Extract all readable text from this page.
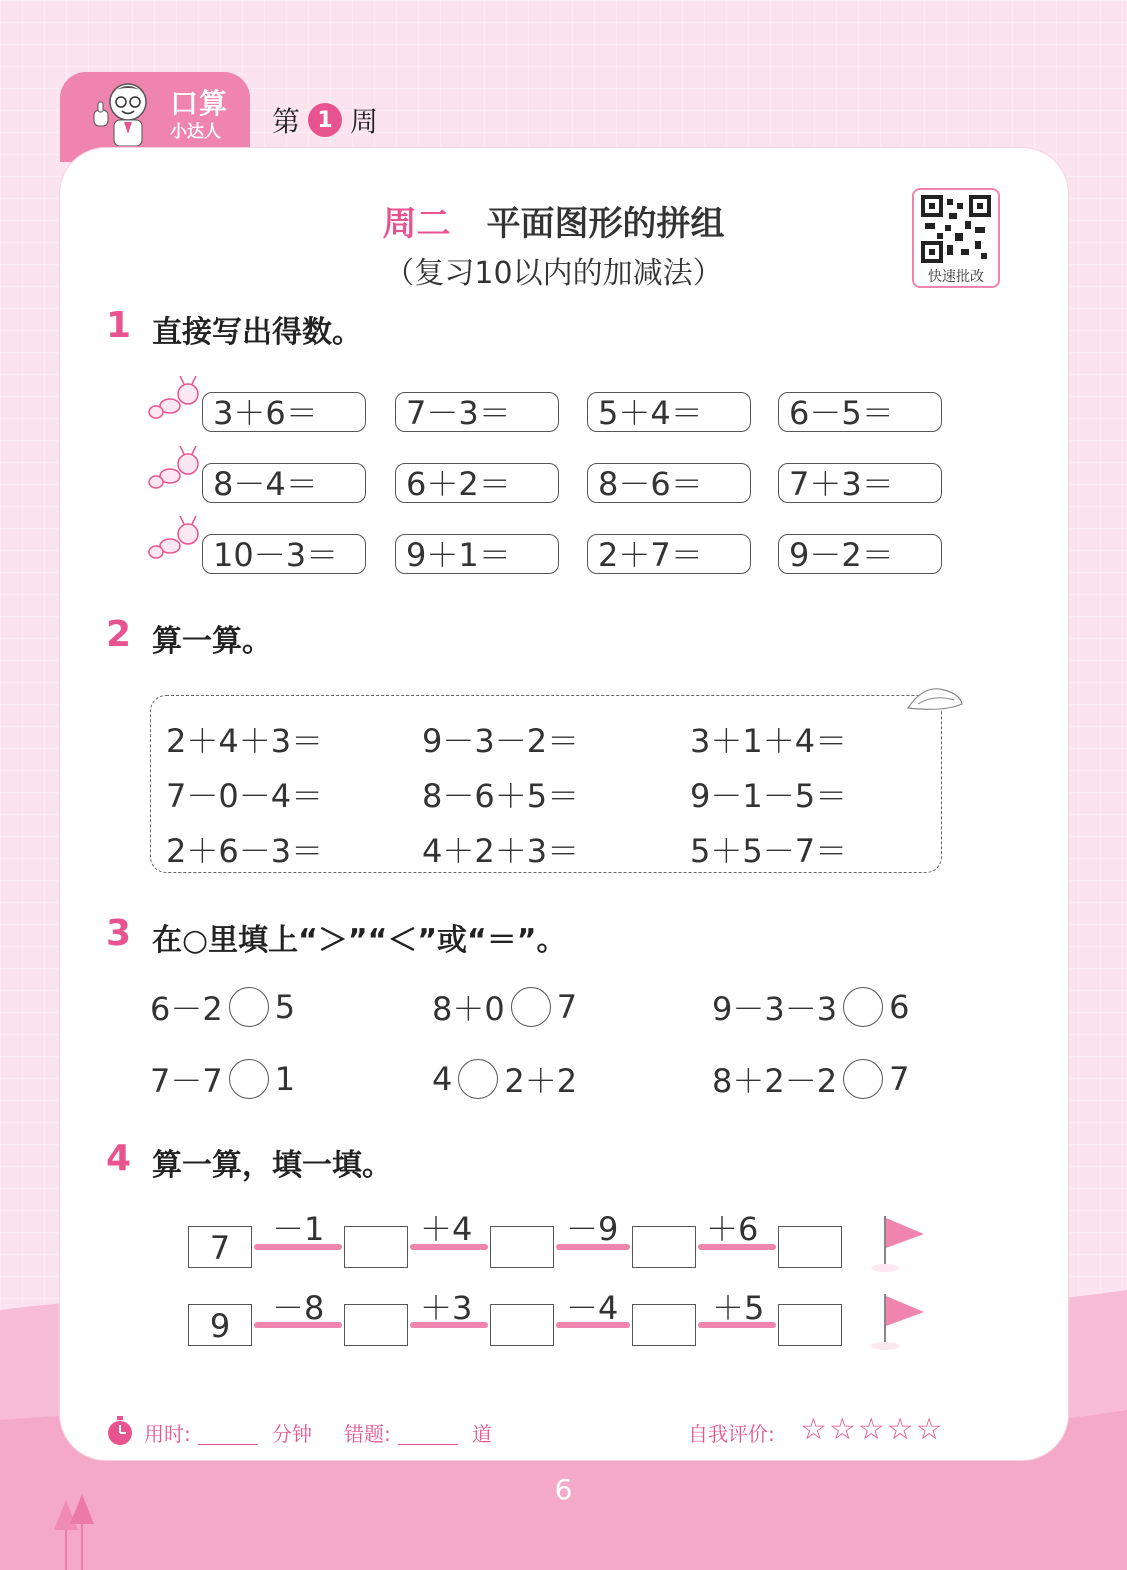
口算
小达人 第 1 周
周二 平面图形的拼组
（复习10以内的加减法）	快速批改
1 直接写出得数。
3＋6＝	7－3＝	5＋4＝	6－5＝
8－4＝	6＋2＝	8－6＝	7＋3＝
10－3＝	9＋1＝	2＋7＝	9－2＝
2 算一算。
2＋4＋3＝	9－3－2＝	3＋1＋4＝
7－0－4＝	8－6＋5＝	9－1－5＝
2＋6－3＝	4＋2＋3＝	5＋5－7＝
3 在○里填上“＞”“＜”或“＝”。
6－2 5	8＋0 7	9－3－3 6
7－7 1	4 2＋2	8＋2－2 7
4 算一算，填一填。
7	－1	＋4	－9	＋6
9	－8	＋3	－4	＋5
用时:	分钟 错题:	道	自我评价: ☆☆☆☆☆
6
